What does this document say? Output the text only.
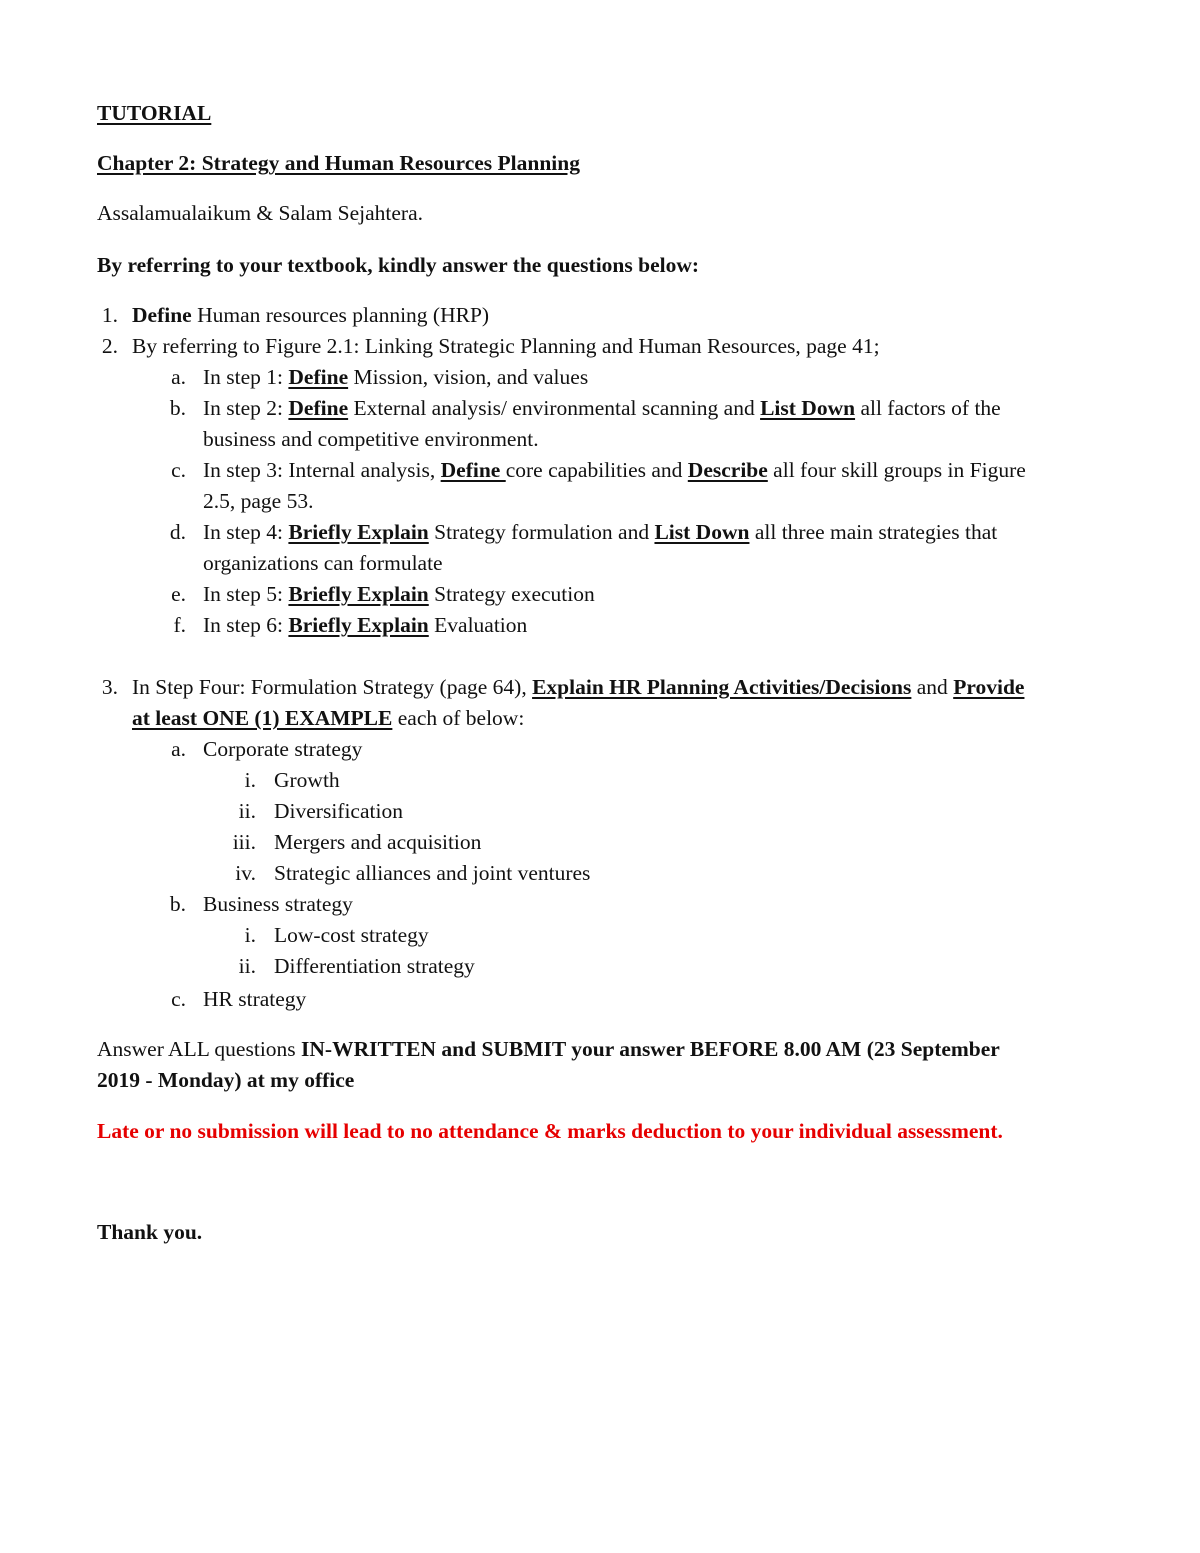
TUTORIAL
Chapter 2: Strategy and Human Resources Planning
Assalamualaikum & Salam Sejahtera.
By referring to your textbook, kindly answer the questions below:
1. Define Human resources planning (HRP)
2. By referring to Figure 2.1: Linking Strategic Planning and Human Resources, page 41;
a. In step 1: Define Mission, vision, and values
b. In step 2: Define External analysis/ environmental scanning and List Down all factors of the
business and competitive environment.
c. In step 3: Internal analysis, Define core capabilities and Describe all four skill groups in Figure
2.5, page 53.
d. In step 4: Briefly Explain Strategy formulation and List Down all three main strategies that
organizations can formulate
e. In step 5: Briefly Explain Strategy execution
f. In step 6: Briefly Explain Evaluation
3. In Step Four: Formulation Strategy (page 64), Explain HR Planning Activities/Decisions and Provide
at least ONE (1) EXAMPLE each of below:
a. Corporate strategy
i. Growth
ii. Diversification
iii. Mergers and acquisition
iv. Strategic alliances and joint ventures
b. Business strategy
i. Low-cost strategy
ii. Differentiation strategy
c. HR strategy
Answer ALL questions IN-WRITTEN and SUBMIT your answer BEFORE 8.00 AM (23 September
2019 - Monday) at my office
Late or no submission will lead to no attendance & marks deduction to your individual assessment.
Thank you.
